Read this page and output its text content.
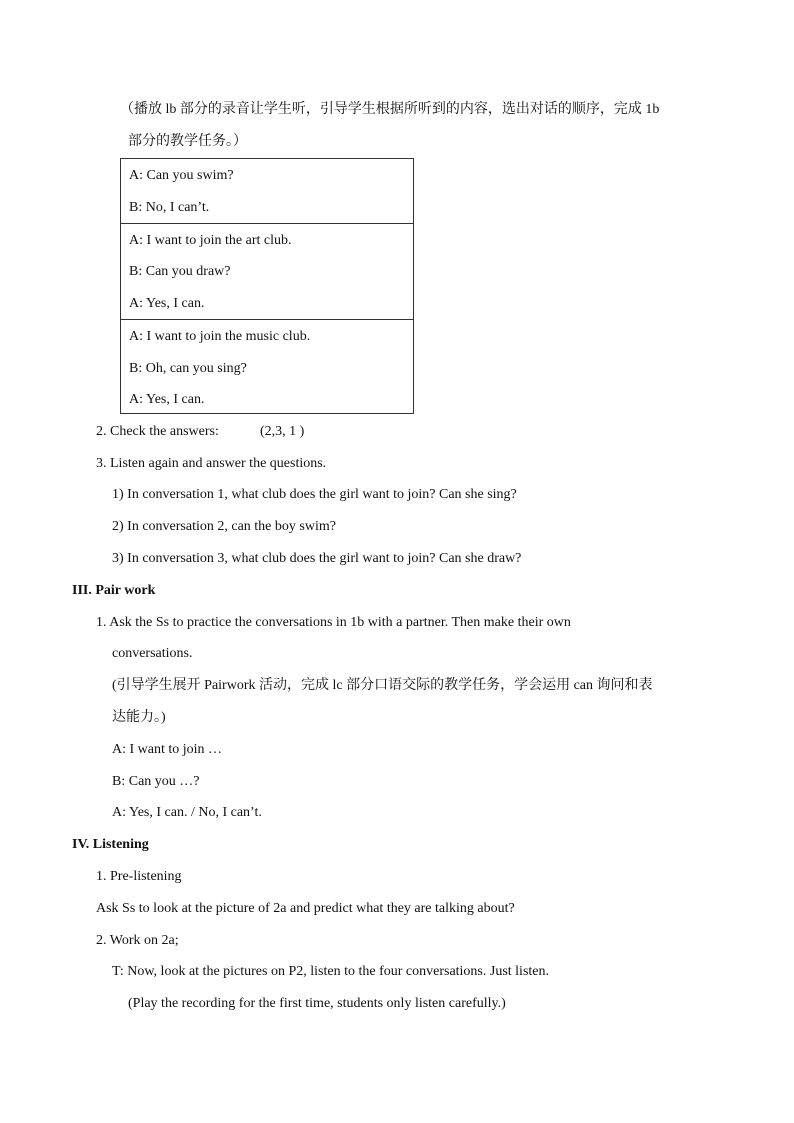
（播放 lb 部分的录音让学生听，引导学生根据所听到的内容，选出对话的顺序，完成 1b
部分的教学任务。）
A: Can you swim?
B: No, I can’t.
A: I want to join the art club.
B: Can you draw?
A: Yes, I can.
A: I want to join the music club.
B: Oh, can you sing?
A: Yes, I can.
2. Check the answers:	(2,3, 1 )
3. Listen again and answer the questions.
1) In conversation 1, what club does the girl want to join? Can she sing?
2) In conversation 2, can the boy swim?
3) In conversation 3, what club does the girl want to join? Can she draw?
III. Pair work
1. Ask the Ss to practice the conversations in 1b with a partner. Then make their own
conversations.
(引导学生展开 Pairwork 活动，完成 lc 部分口语交际的教学任务，学会运用 can 询问和表
达能力。)
A: I want to join …
B: Can you …?
A: Yes, I can. / No, I can’t.
IV. Listening
1. Pre-listening
Ask Ss to look at the picture of 2a and predict what they are talking about?
2. Work on 2a;
T: Now, look at the pictures on P2, listen to the four conversations. Just listen.
(Play the recording for the first time, students only listen carefully.)
